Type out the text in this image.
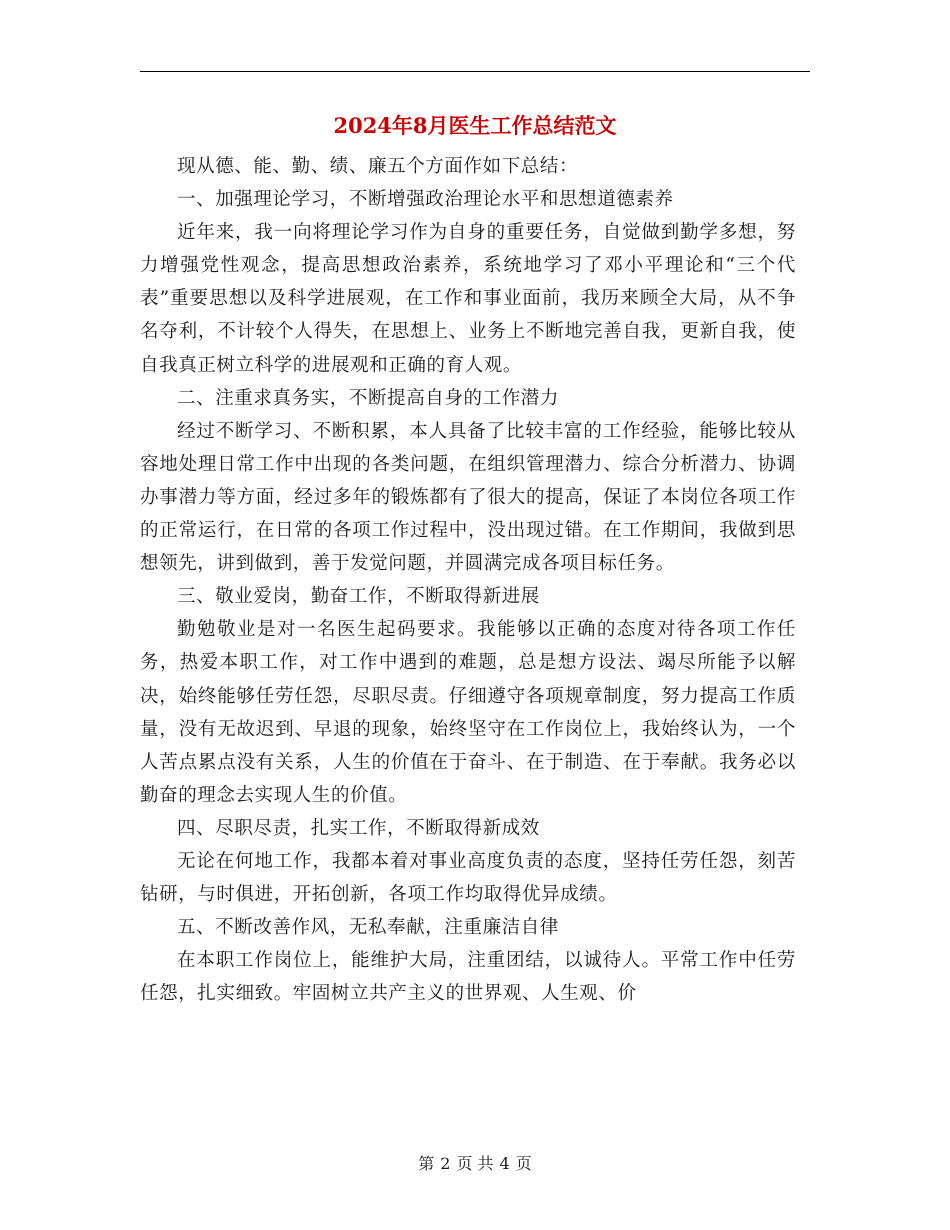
2024年8月医生工作总结范文

现从德、能、勤、绩、廉五个方面作如下总结：

一、加强理论学习，不断增强政治理论水平和思想道德素养

近年来，我一向将理论学习作为自身的重要任务，自觉做到勤学多想，努力增强党性观念，提高思想政治素养，系统地学习了邓小平理论和“三个代表”重要思想以及科学进展观，在工作和事业面前，我历来顾全大局，从不争名夺利，不计较个人得失，在思想上、业务上不断地完善自我，更新自我，使自我真正树立科学的进展观和正确的育人观。

二、注重求真务实，不断提高自身的工作潜力

经过不断学习、不断积累，本人具备了比较丰富的工作经验，能够比较从容地处理日常工作中出现的各类问题，在组织管理潜力、综合分析潜力、协调办事潜力等方面，经过多年的锻炼都有了很大的提高，保证了本岗位各项工作的正常运行，在日常的各项工作过程中，没出现过错。在工作期间，我做到思想领先，讲到做到，善于发觉问题，并圆满完成各项目标任务。

三、敬业爱岗，勤奋工作，不断取得新进展

勤勉敬业是对一名医生起码要求。我能够以正确的态度对待各项工作任务，热爱本职工作，对工作中遇到的难题，总是想方设法、竭尽所能予以解决，始终能够任劳任怨，尽职尽责。仔细遵守各项规章制度，努力提高工作质量，没有无故迟到、早退的现象，始终坚守在工作岗位上，我始终认为，一个人苦点累点没有关系，人生的价值在于奋斗、在于制造、在于奉献。我务必以勤奋的理念去实现人生的价值。

四、尽职尽责，扎实工作，不断取得新成效

无论在何地工作，我都本着对事业高度负责的态度，坚持任劳任怨，刻苦钻研，与时俱进，开拓创新，各项工作均取得优异成绩。

五、不断改善作风，无私奉献，注重廉洁自律

在本职工作岗位上，能维护大局，注重团结，以诚待人。平常工作中任劳任怨，扎实细致。牢固树立共产主义的世界观、人生观、价

第 2 页 共 4 页
